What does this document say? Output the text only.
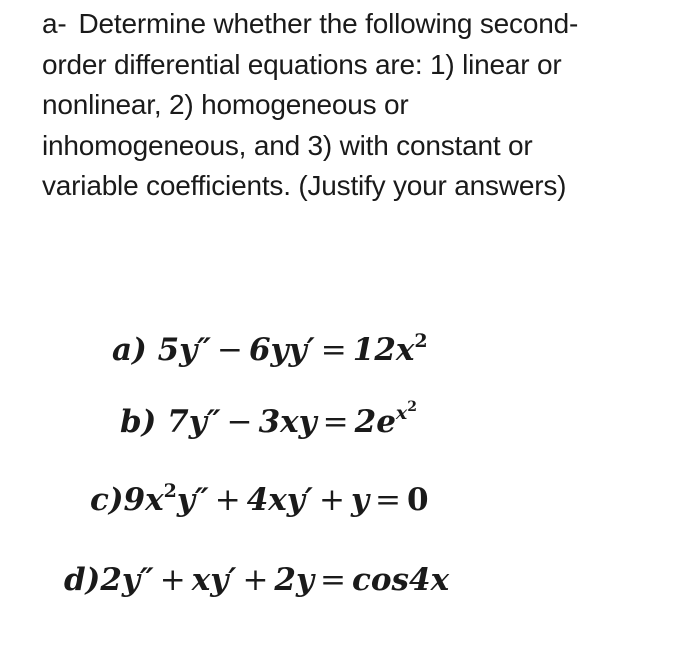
a- Determine whether the following second-
order differential equations are: 1) linear or
nonlinear, 2) homogeneous or
inhomogeneous, and 3) with constant or
variable coefficients. (Justify your answers)
a) $5y'' - 6yy' = 12x^2$
b) $7y'' - 3xy = 2e^{x^2}$
$c)9x^2y'' + 4xy' + y = 0$
d)2y″ + xy′ + 2y = cos4x
